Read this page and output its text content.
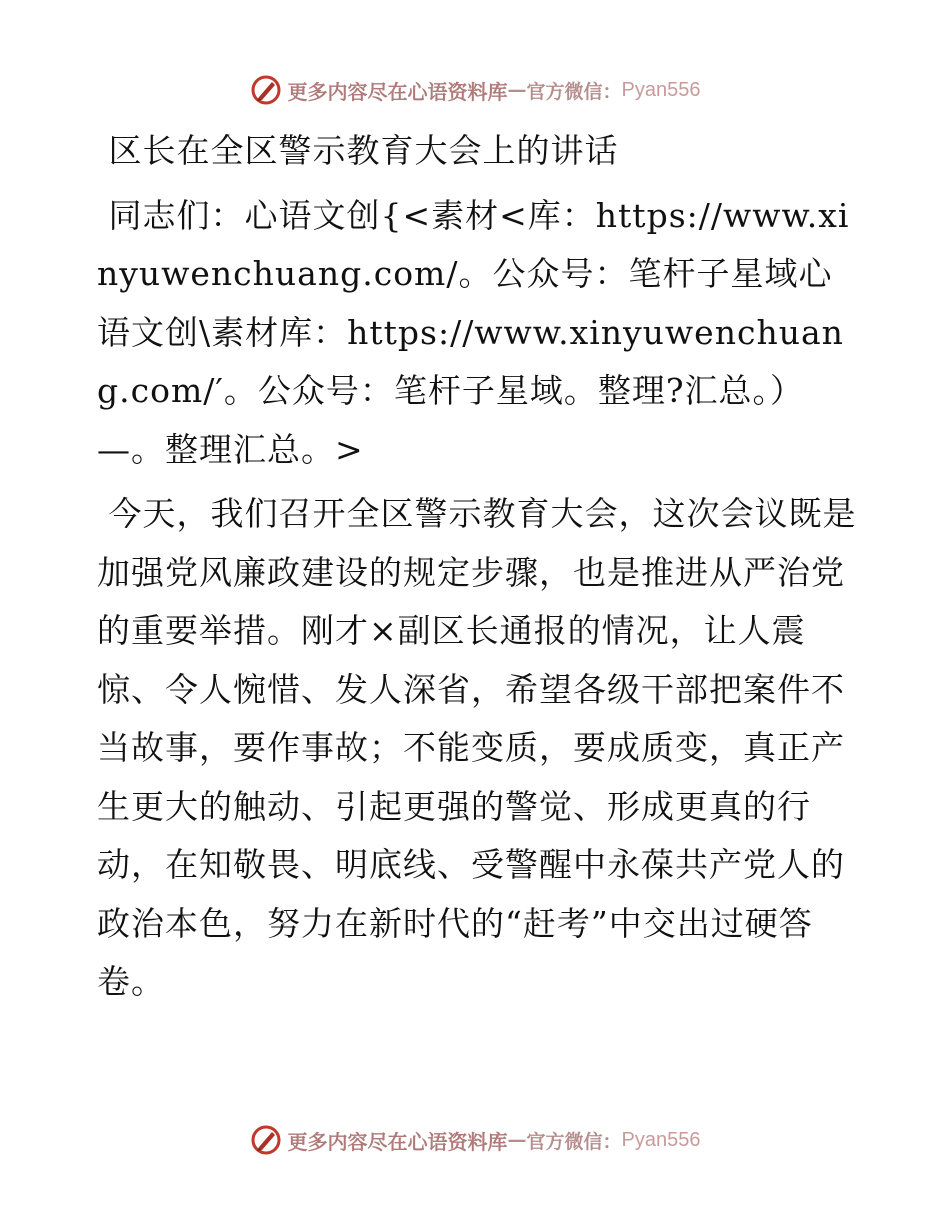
更多内容尽在心语资料库 — 官方微信： Pyan556

区长在全区警示教育大会上的讲话

同志们：心语文创{<素材<库：https://www.xinyuwenchuang.com/。公众号：笔杆子星域心语文创\素材库：https://www.xinyuwenchuang.com/′。公众号：笔杆子星域。整理?汇总。）—。整理汇总。>

今天，我们召开全区警示教育大会，这次会议既是加强党风廉政建设的规定步骤，也是推进从严治党的重要举措。刚才×副区长通报的情况，让人震惊、令人惋惜、发人深省，希望各级干部把案件不当故事，要作事故；不能变质，要成质变，真正产生更大的触动、引起更强的警觉、形成更真的行动，在知敬畏、明底线、受警醒中永葆共产党人的政治本色，努力在新时代的“赶考”中交出过硬答卷。

更多内容尽在心语资料库 — 官方微信： Pyan556
